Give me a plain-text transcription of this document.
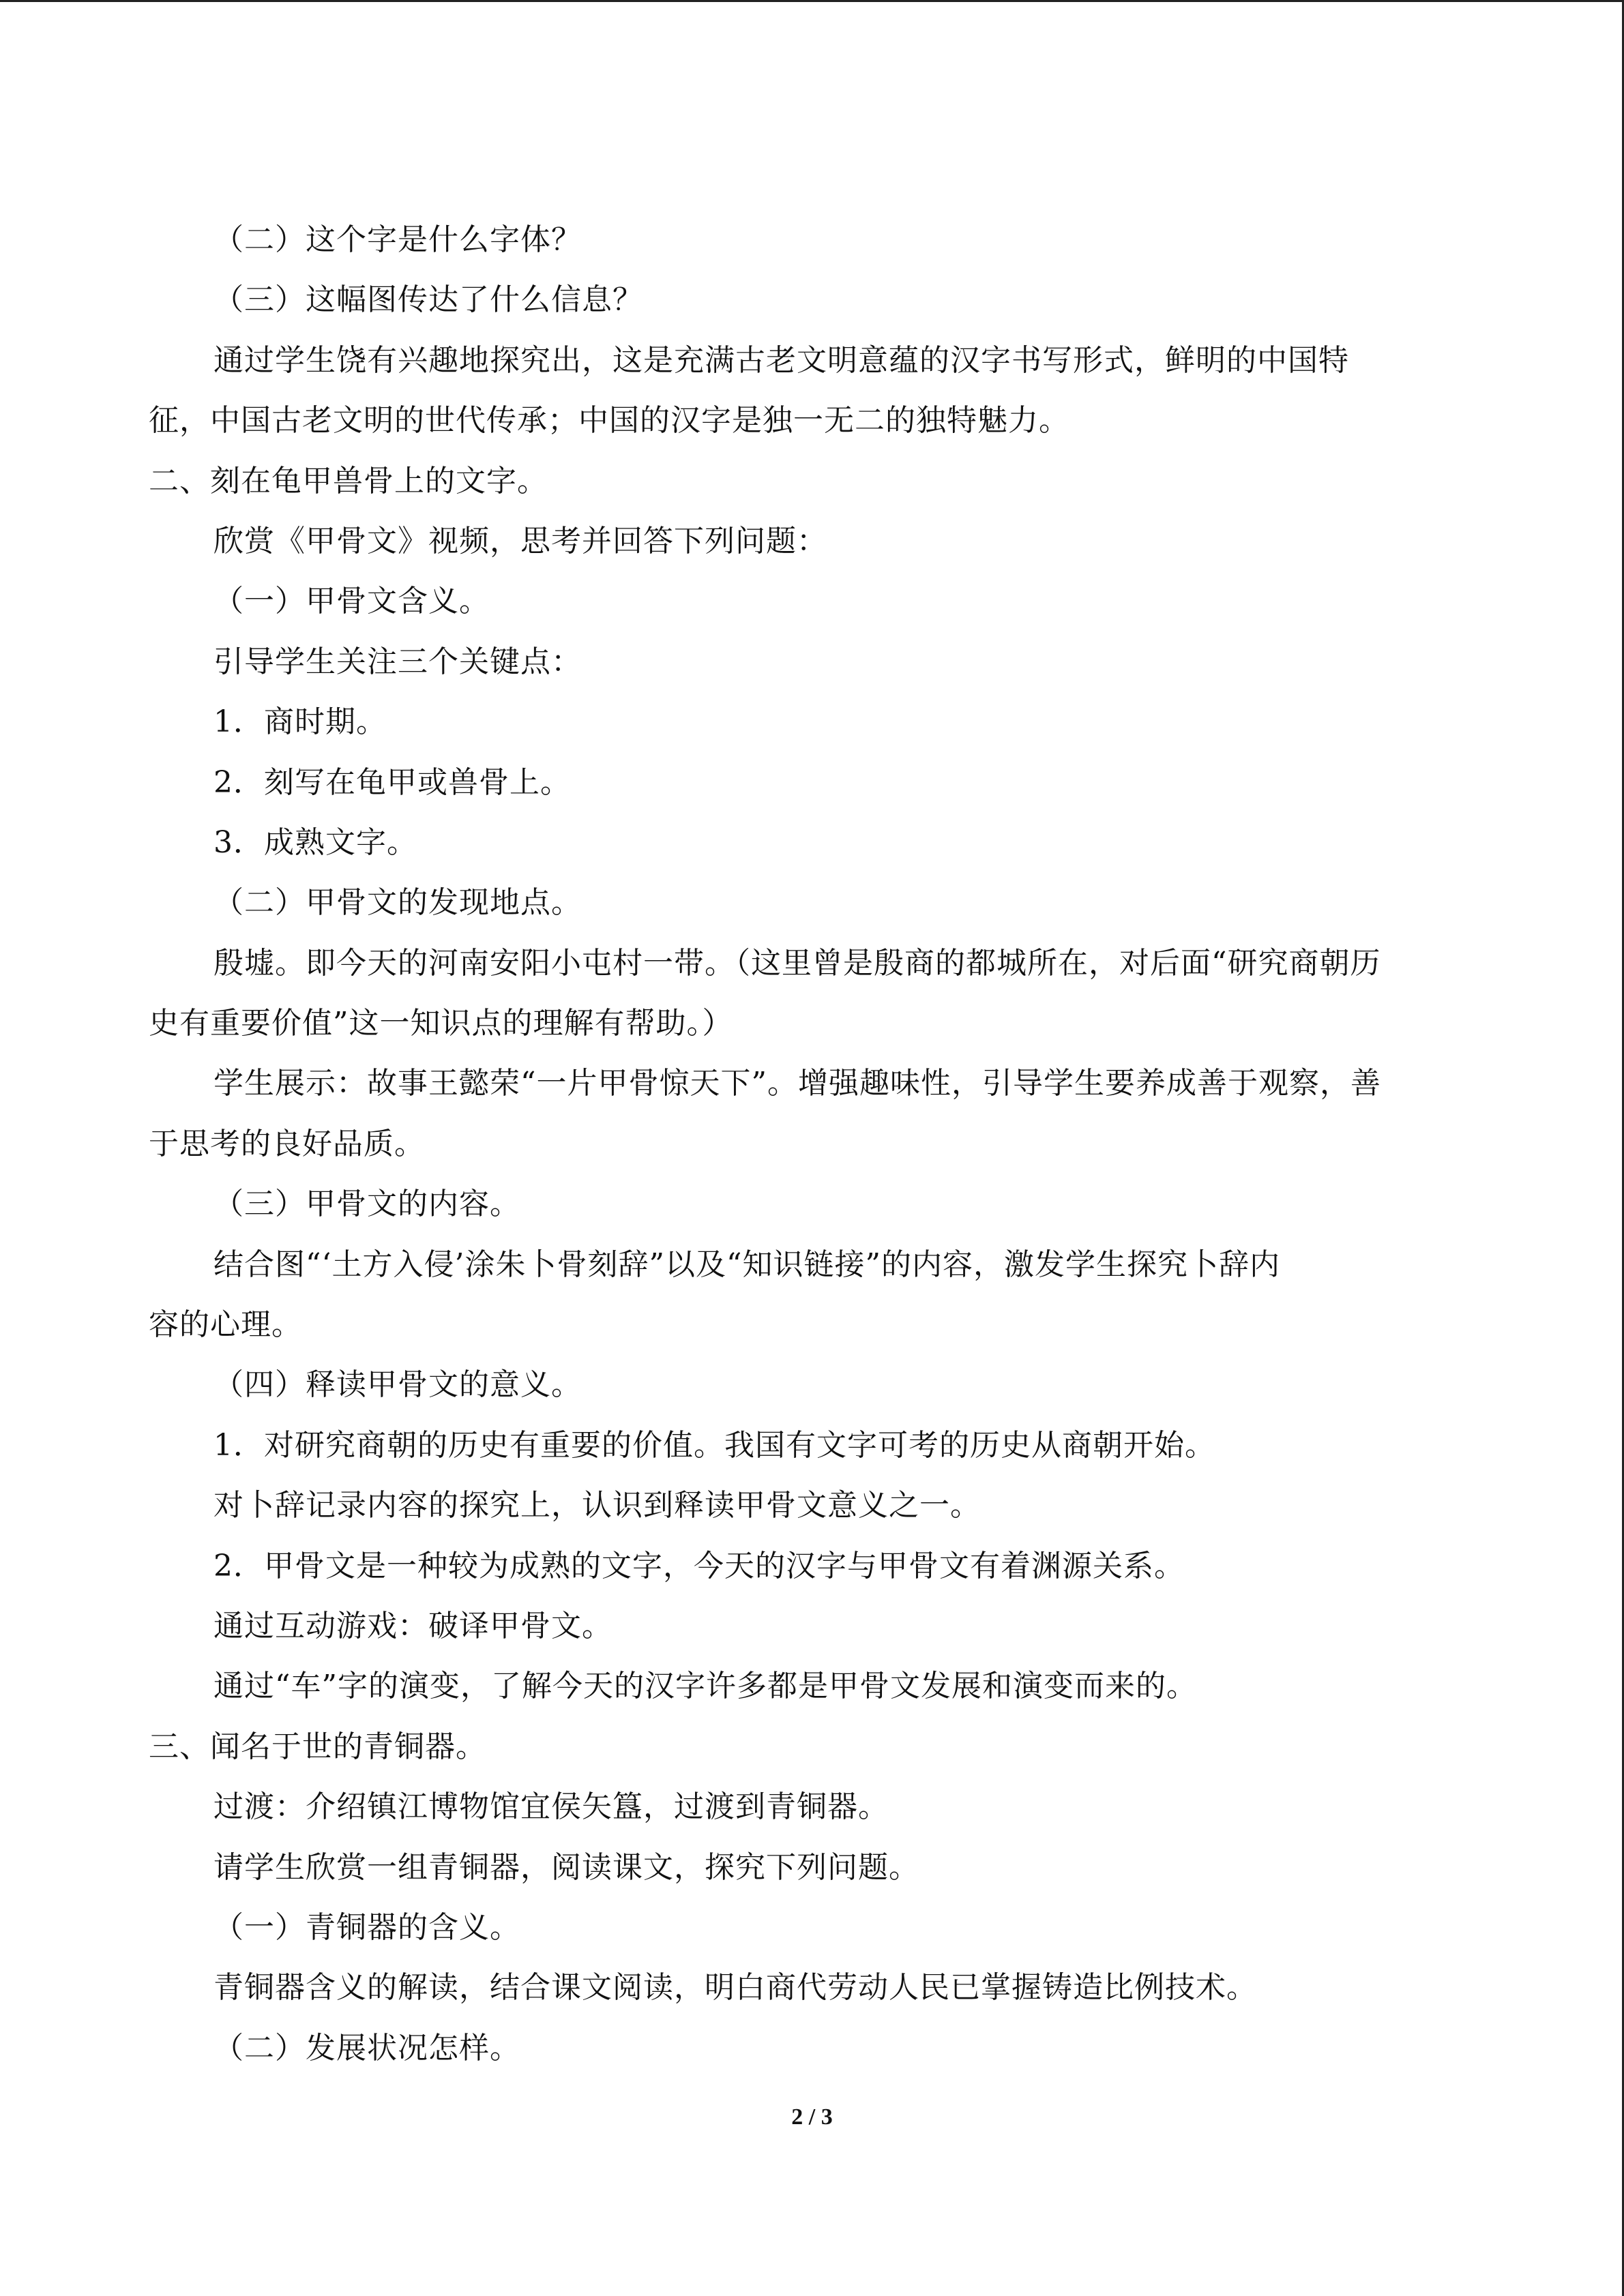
（二）这个字是什么字体？
（三）这幅图传达了什么信息？
通过学生饶有兴趣地探究出，这是充满古老文明意蕴的汉字书写形式，鲜明的中国特
征，中国古老文明的世代传承；中国的汉字是独一无二的独特魅力。
二、刻在龟甲兽骨上的文字。
欣赏《甲骨文》视频，思考并回答下列问题：
（一）甲骨文含义。
引导学生关注三个关键点：
1．商时期。
2．刻写在龟甲或兽骨上。
3．成熟文字。
（二）甲骨文的发现地点。
殷墟。即今天的河南安阳小屯村一带。（这里曾是殷商的都城所在，对后面“研究商朝历
史有重要价值”这一知识点的理解有帮助。）
学生展示：故事王懿荣“一片甲骨惊天下”。增强趣味性，引导学生要养成善于观察，善
于思考的良好品质。
（三）甲骨文的内容。
结合图“‘土方入侵’涂朱卜骨刻辞”以及“知识链接”的内容，激发学生探究卜辞内
容的心理。
（四）释读甲骨文的意义。
1．对研究商朝的历史有重要的价值。我国有文字可考的历史从商朝开始。
对卜辞记录内容的探究上，认识到释读甲骨文意义之一。
2．甲骨文是一种较为成熟的文字，今天的汉字与甲骨文有着渊源关系。
通过互动游戏：破译甲骨文。
通过“车”字的演变，了解今天的汉字许多都是甲骨文发展和演变而来的。
三、闻名于世的青铜器。
过渡：介绍镇江博物馆宜侯矢簋，过渡到青铜器。
请学生欣赏一组青铜器，阅读课文，探究下列问题。
（一）青铜器的含义。
青铜器含义的解读，结合课文阅读，明白商代劳动人民已掌握铸造比例技术。
（二）发展状况怎样。
2 / 3
